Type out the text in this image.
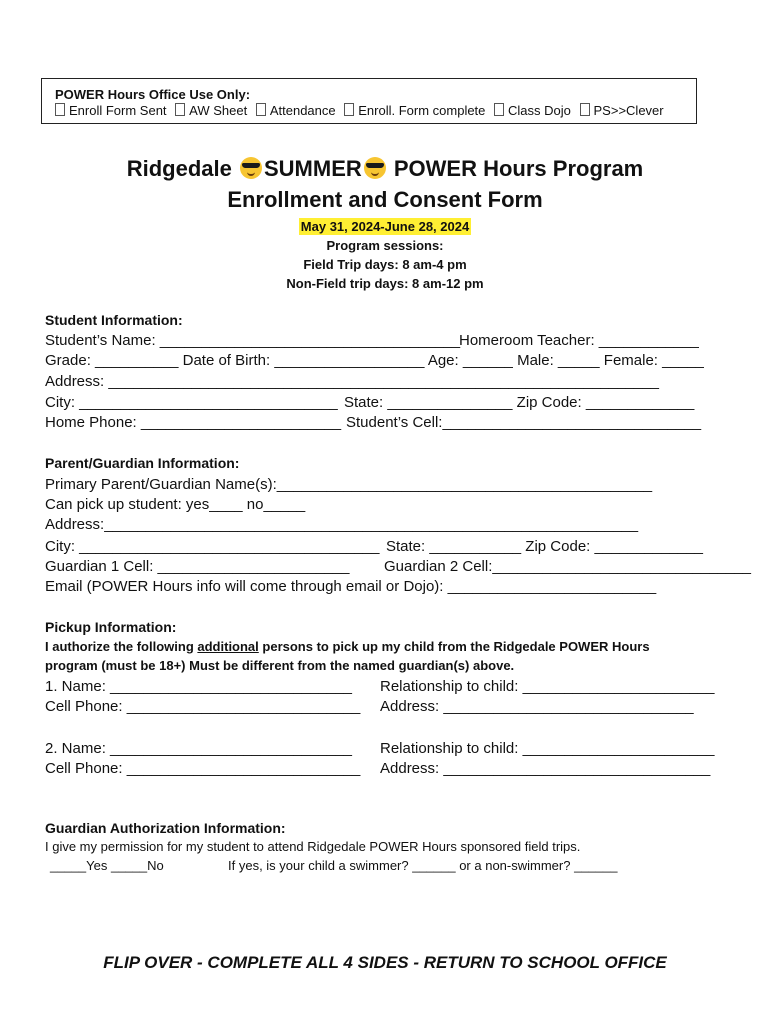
POWER Hours Office Use Only:
Enroll Form Sent AW Sheet Attendance Enroll. Form complete Class Dojo PS>>Clever
Ridgedale SUMMER POWER Hours Program
Enrollment and Consent Form
May 31, 2024-June 28, 2024
Program sessions:
Field Trip days: 8 am-4 pm
Non-Field trip days: 8 am-12 pm
Student Information:
Student’s Name: ____________________________________
Homeroom Teacher: ____________
Grade: __________ Date of Birth: __________________ Age: ______ Male: _____ Female: _____
Address: __________________________________________________________________
City: _______________________________ State: _______________ Zip Code: _____________
Home Phone: ________________________ Student’s Cell:_______________________________
Parent/Guardian Information:
Primary Parent/Guardian Name(s):_____________________________________________
Can pick up student: yes____ no_____
Address:________________________________________________________________
City: ____________________________________ State: ___________ Zip Code: _____________
Guardian 1 Cell: _______________________ Guardian 2 Cell:_______________________________
Email (POWER Hours info will come through email or Dojo): _________________________
Pickup Information:
I authorize the following additional persons to pick up my child from the Ridgedale POWER Hours
program (must be 18+) Must be different from the named guardian(s) above.
1. Name: _____________________________ Relationship to child: _______________________
Cell Phone: ____________________________ Address: ______________________________
2. Name: _____________________________ Relationship to child: _______________________
Cell Phone: ____________________________ Address: ________________________________
Guardian Authorization Information:
I give my permission for my student to attend Ridgedale POWER Hours sponsored field trips.
_____Yes _____No	If yes, is your child a swimmer? ______ or a non-swimmer? ______
FLIP OVER - COMPLETE ALL 4 SIDES - RETURN TO SCHOOL OFFICE
